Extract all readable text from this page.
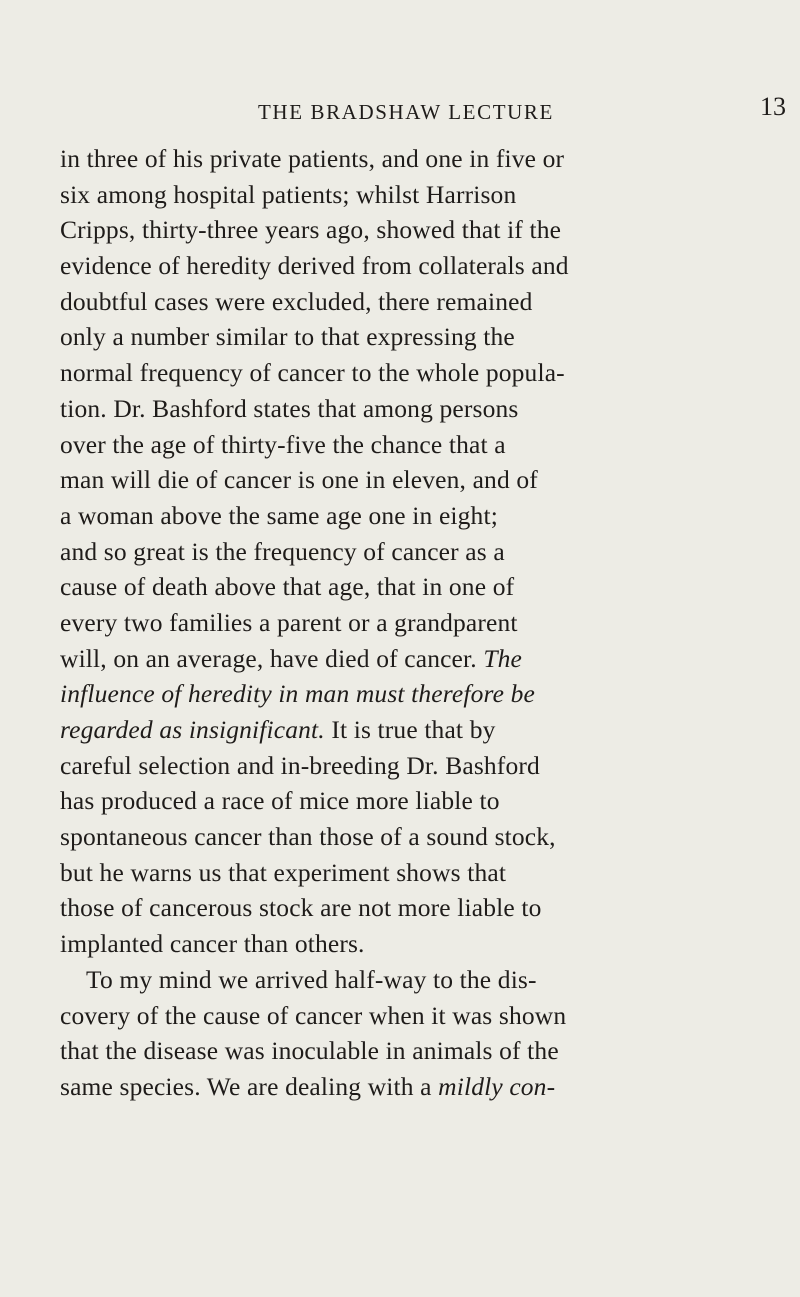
THE BRADSHAW LECTURE	13
in three of his private patients, and one in five or
six among hospital patients; whilst Harrison
Cripps, thirty-three years ago, showed that if the
evidence of heredity derived from collaterals and
doubtful cases were excluded, there remained
only a number similar to that expressing the
normal frequency of cancer to the whole popula-
tion. Dr. Bashford states that among persons
over the age of thirty-five the chance that a
man will die of cancer is one in eleven, and of
a woman above the same age one in eight;
and so great is the frequency of cancer as a
cause of death above that age, that in one of
every two families a parent or a grandparent
will, on an average, have died of cancer. The
influence of heredity in man must therefore be
regarded as insignificant. It is true that by
careful selection and in-breeding Dr. Bashford
has produced a race of mice more liable to
spontaneous cancer than those of a sound stock,
but he warns us that experiment shows that
those of cancerous stock are not more liable to
implanted cancer than others.
To my mind we arrived half-way to the dis-
covery of the cause of cancer when it was shown
that the disease was inoculable in animals of the
same species. We are dealing with a mildly con-
